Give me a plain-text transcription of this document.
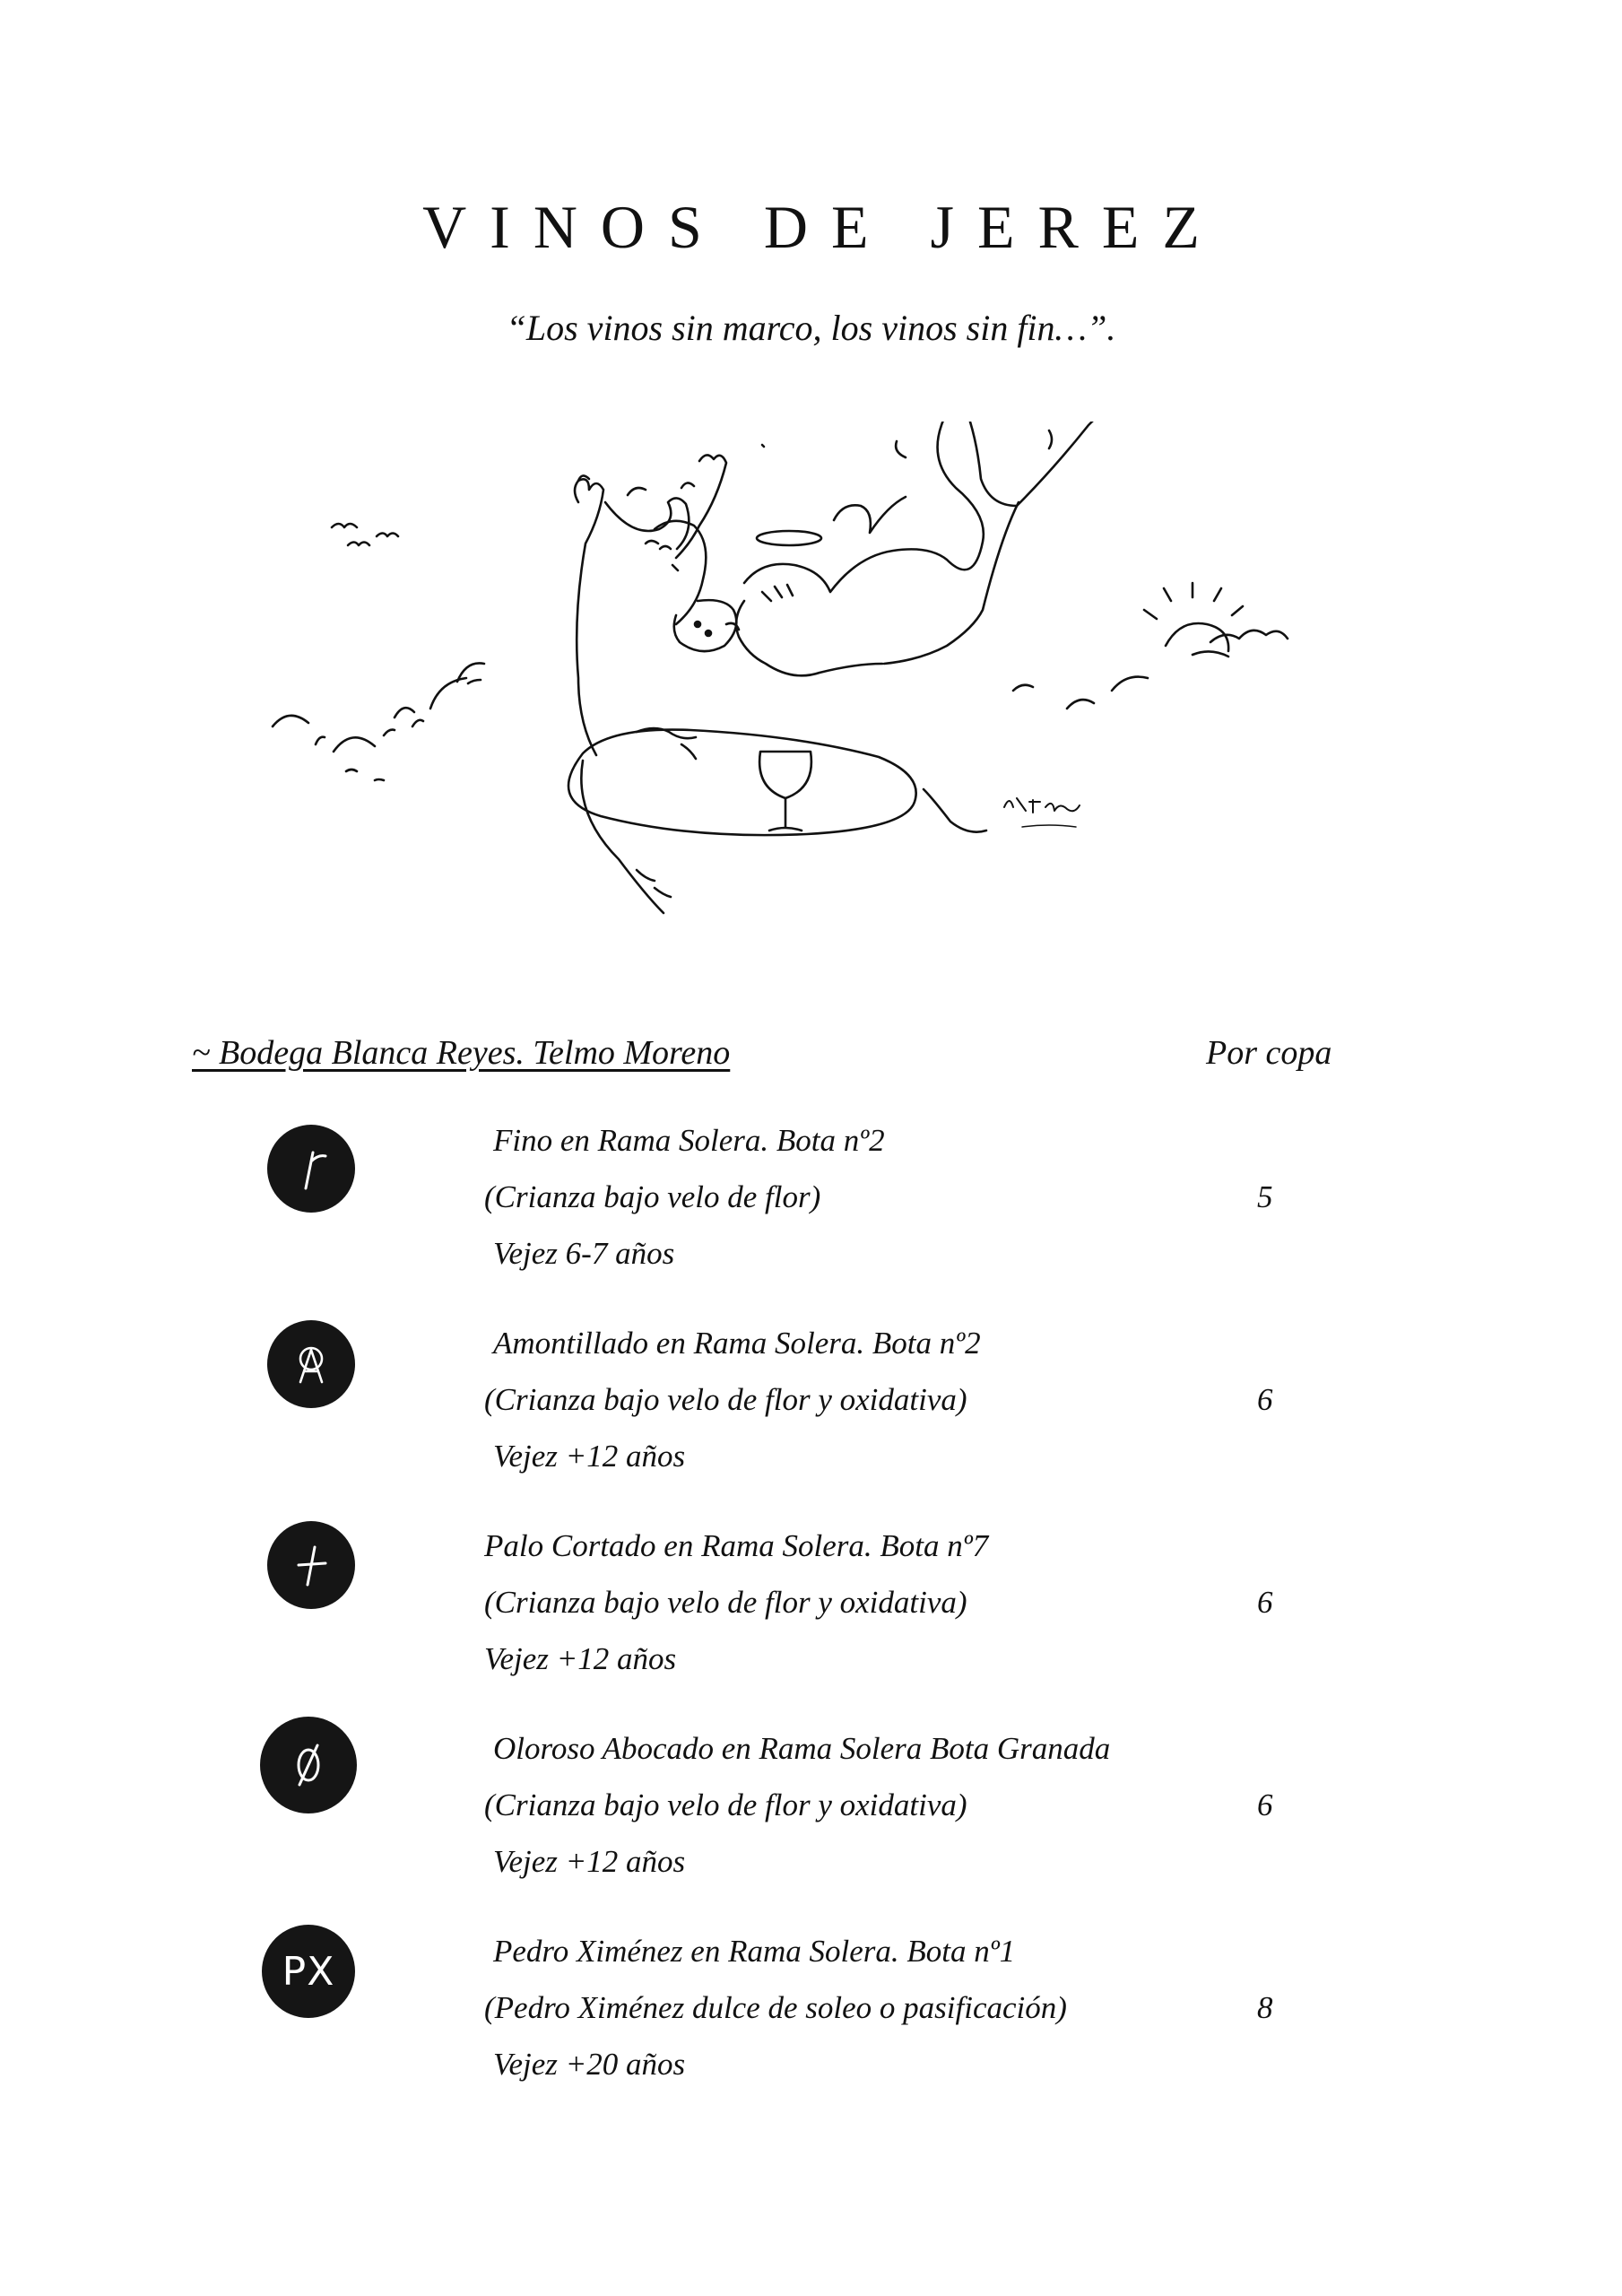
VINOS DE JEREZ
“Los vinos sin marco, los vinos sin fin…”.
~ Bodega Blanca Reyes. Telmo Moreno	Por copa
Fino en Rama Solera. Bota nº2
(Crianza bajo velo de flor)
Vejez 6-7 años
5
Amontillado en Rama Solera. Bota nº2
(Crianza bajo velo de flor y oxidativa)
Vejez +12 años
6
Palo Cortado en Rama Solera. Bota nº7
(Crianza bajo velo de flor y oxidativa)
Vejez +12 años
6
Oloroso Abocado en Rama Solera Bota Granada
(Crianza bajo velo de flor y oxidativa)
Vejez +12 años
6
PX	Pedro Ximénez en Rama Solera. Bota nº1
(Pedro Ximénez dulce de soleo o pasificación)
Vejez +20 años
8
